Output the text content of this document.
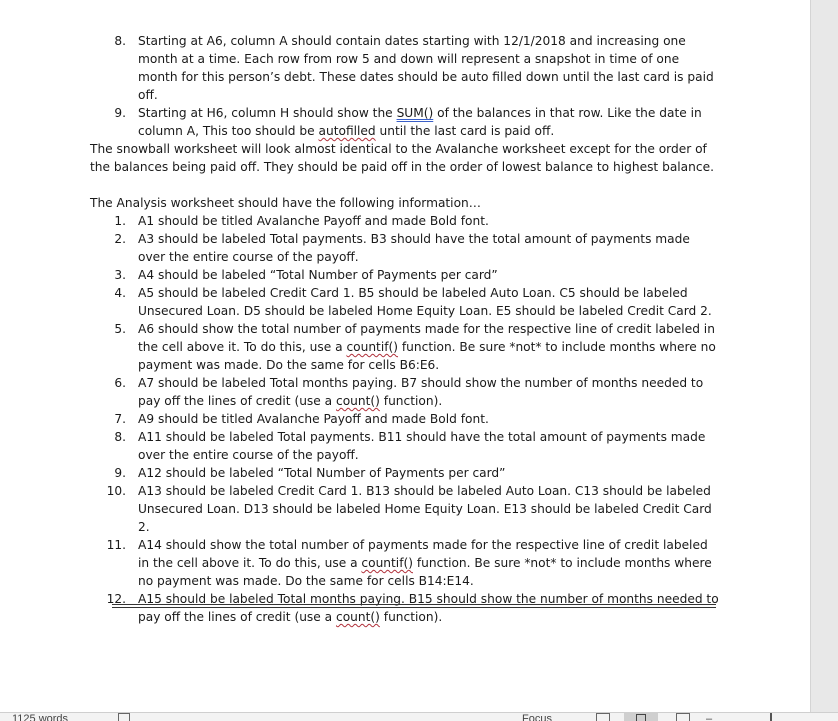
8. Starting at A6, column A should contain dates starting with 12/1/2018 and increasing one month at a time. Each row from row 5 and down will represent a snapshot in time of one month for this person’s debt. These dates should be auto filled down until the last card is paid off.
9. Starting at H6, column H should show the SUM() of the balances in that row. Like the date in column A, This too should be autofilled until the last card is paid off.
The snowball worksheet will look almost identical to the Avalanche worksheet except for the order of the balances being paid off. They should be paid off in the order of lowest balance to highest balance.
The Analysis worksheet should have the following information…
1. A1 should be titled Avalanche Payoff and made Bold font.
2. A3 should be labeled Total payments. B3 should have the total amount of payments made over the entire course of the payoff.
3. A4 should be labeled “Total Number of Payments per card”
4. A5 should be labeled Credit Card 1. B5 should be labeled Auto Loan. C5 should be labeled Unsecured Loan. D5 should be labeled Home Equity Loan. E5 should be labeled Credit Card 2.
5. A6 should show the total number of payments made for the respective line of credit labeled in the cell above it. To do this, use a countif() function. Be sure *not* to include months where no payment was made. Do the same for cells B6:E6.
6. A7 should be labeled Total months paying. B7 should show the number of months needed to pay off the lines of credit (use a count() function).
7. A9 should be titled Avalanche Payoff and made Bold font.
8. A11 should be labeled Total payments. B11 should have the total amount of payments made over the entire course of the payoff.
9. A12 should be labeled “Total Number of Payments per card”
10. A13 should be labeled Credit Card 1. B13 should be labeled Auto Loan. C13 should be labeled Unsecured Loan. D13 should be labeled Home Equity Loan. E13 should be labeled Credit Card 2.
11. A14 should show the total number of payments made for the respective line of credit labeled in the cell above it. To do this, use a countif() function. Be sure *not* to include months where no payment was made. Do the same for cells B14:E14.
12. A15 should be labeled Total months paying. B15 should show the number of months needed to pay off the lines of credit (use a count() function).
1125 words	Focus	–
